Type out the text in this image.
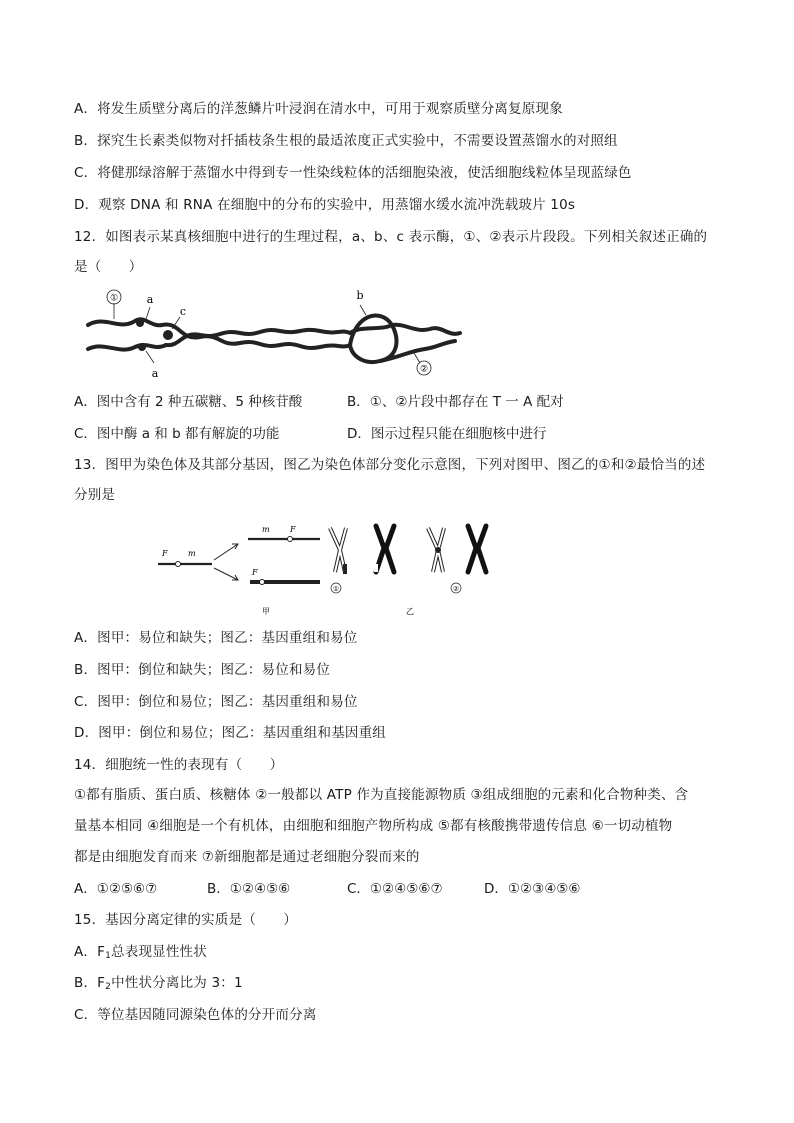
A．将发生质壁分离后的洋葱鳞片叶浸润在清水中，可用于观察质壁分离复原现象
B．探究生长素类似物对扦插枝条生根的最适浓度正式实验中，不需要设置蒸馏水的对照组
C．将健那绿溶解于蒸馏水中得到专一性染线粒体的活细胞染液，使活细胞线粒体呈现蓝绿色
D．观察 DNA 和 RNA 在细胞中的分布的实验中，用蒸馏水缓水流冲洗载玻片 10s
12．如图表示某真核细胞中进行的生理过程，a、b、c 表示酶，①、②表示片段段。下列相关叙述正确的
是（　　）
①	a
c
a
b
②
A．图中含有 2 种五碳糖、5 种核苷酸	B．①、②片段中都存在 T 一 A 配对
C．图中酶 a 和 b 都有解旋的功能	D．图示过程只能在细胞核中进行
13．图甲为染色体及其部分基因，图乙为染色体部分变化示意图，下列对图甲、图乙的①和②最恰当的述
分别是
F	m
m	F
F
甲
①	②
乙
A．图甲：易位和缺失；图乙：基因重组和易位
B．图甲：倒位和缺失；图乙：易位和易位
C．图甲：倒位和易位；图乙：基因重组和易位
D．图甲：倒位和易位；图乙：基因重组和基因重组
14．细胞统一性的表现有（　　）
①都有脂质、蛋白质、核糖体 ②一般都以 ATP 作为直接能源物质 ③组成细胞的元素和化合物种类、含
量基本相同 ④细胞是一个有机体，由细胞和细胞产物所构成 ⑤都有核酸携带遗传信息 ⑥一切动植物
都是由细胞发育而来 ⑦新细胞都是通过老细胞分裂而来的
A．①②⑤⑥⑦	B．①②④⑤⑥	C．①②④⑤⑥⑦	D．①②③④⑤⑥
15．基因分离定律的实质是（　　）
A．$F_1$总表现显性性状
B．$F_2$中性状分离比为 3：1
C．等位基因随同源染色体的分开而分离
